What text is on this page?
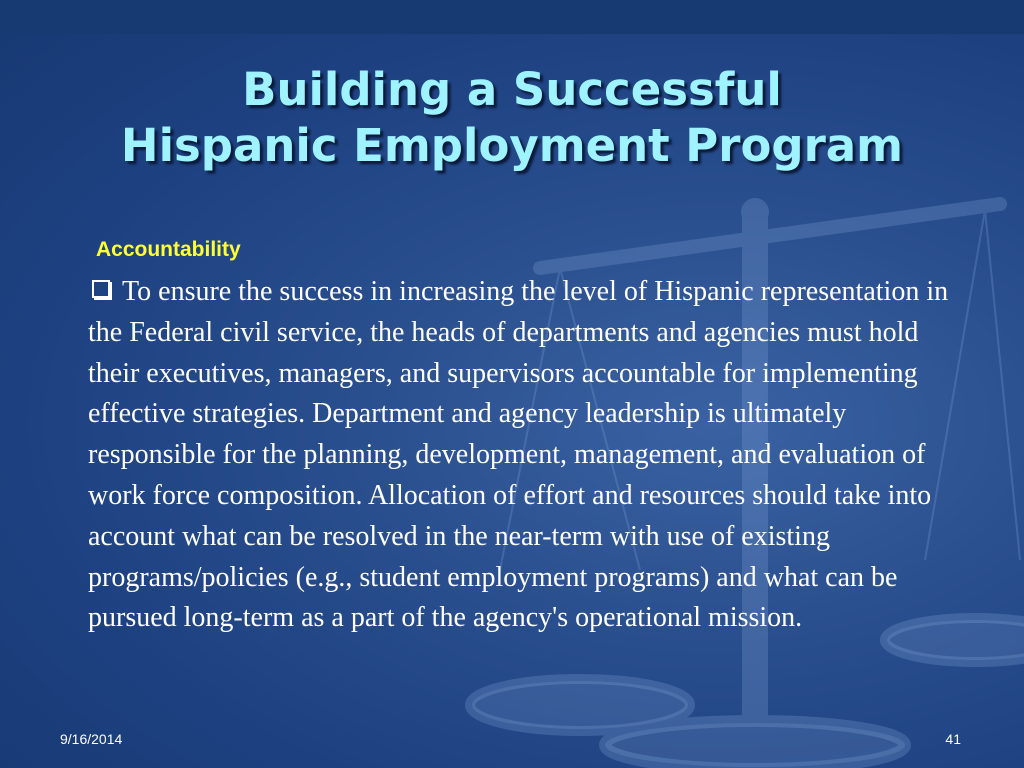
Building a Successful
Hispanic Employment Program

Accountability

To ensure the success in increasing the level of Hispanic representation in the Federal civil service, the heads of departments and agencies must hold their executives, managers, and supervisors accountable for implementing effective strategies. Department and agency leadership is ultimately responsible for the planning, development, management, and evaluation of work force composition. Allocation of effort and resources should take into account what can be resolved in the near-term with use of existing programs/policies (e.g., student employment programs) and what can be pursued long-term as a part of the agency's operational mission.

9/16/2014	41
